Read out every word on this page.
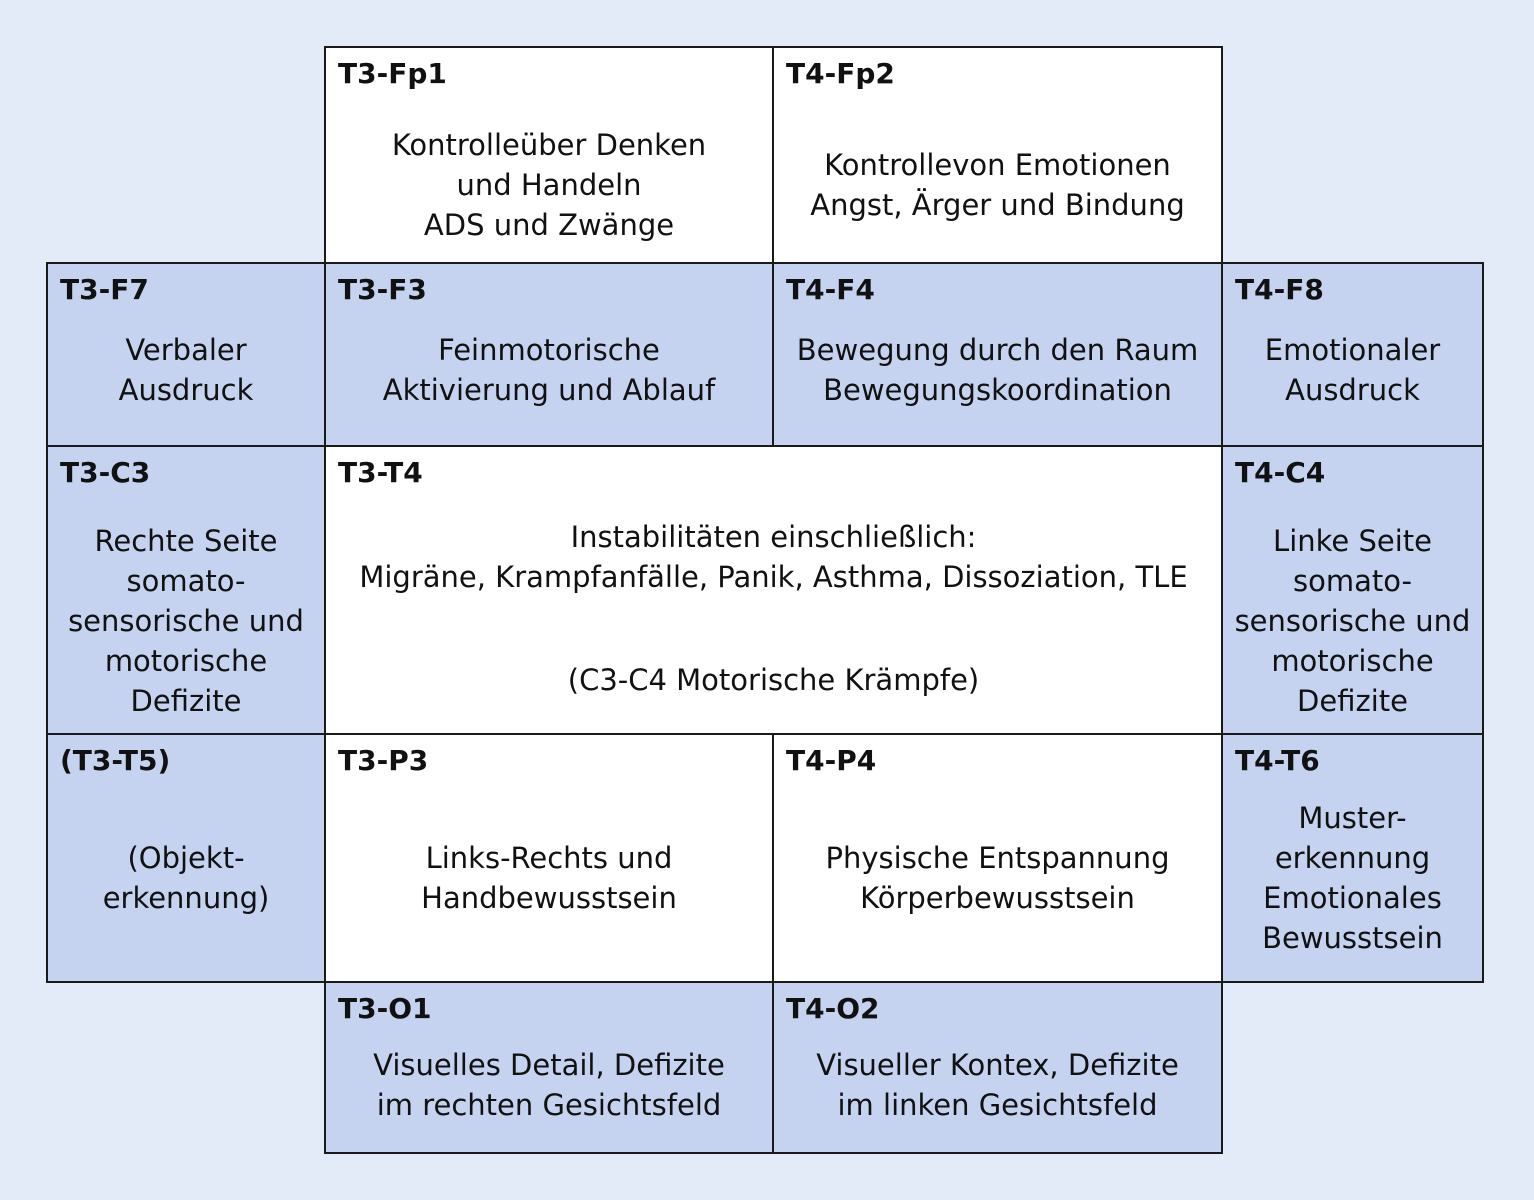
T3-Fp1
Kontrolleüber Denken
und Handeln
ADS und Zwänge
T4-Fp2
Kontrollevon Emotionen
Angst, Ärger und Bindung
T3-F7
Verbaler
Ausdruck
T3-F3
Feinmotorische
Aktivierung und Ablauf
T4-F4
Bewegung durch den Raum
Bewegungskoordination
T4-F8
Emotionaler
Ausdruck
T3-C3
Rechte Seite
somato-
sensorische und
motorische
Defizite
T3-T4
Instabilitäten einschließlich:
Migräne, Krampfanfälle, Panik, Asthma, Dissoziation, TLE
(C3-C4 Motorische Krämpfe)
T4-C4
Linke Seite
somato-
sensorische und
motorische
Defizite
(T3-T5)
(Objekt-
erkennung)
T3-P3
Links-Rechts und
Handbewusstsein
T4-P4
Physische Entspannung
Körperbewusstsein
T4-T6
Muster-
erkennung
Emotionales
Bewusstsein
T3-O1
Visuelles Detail, Defizite
im rechten Gesichtsfeld
T4-O2
Visueller Kontex, Defizite
im linken Gesichtsfeld
